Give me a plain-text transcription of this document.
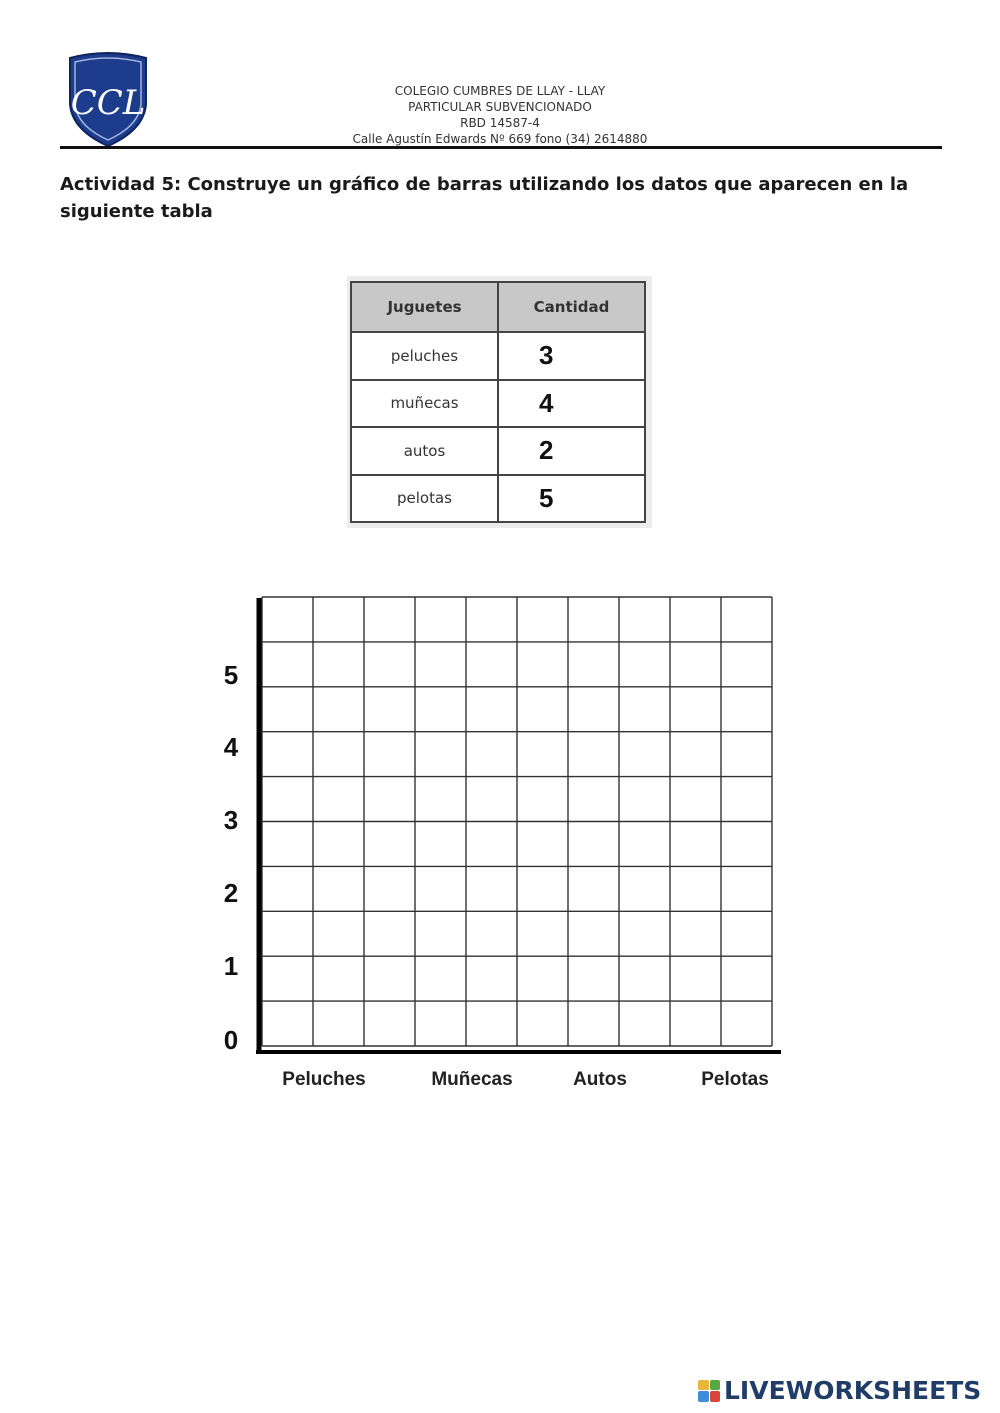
CCL	COLEGIO CUMBRES DE LLAY - LLAY
PARTICULAR SUBVENCIONADO
RBD 14587-4
Calle Agustín Edwards Nº 669 fono (34) 2614880
Actividad 5: Construye un gráfico de barras utilizando los datos que aparecen en la siguiente tabla
Juguetes	Cantidad
peluches	3
muñecas	4
autos	2
pelotas	5
0
1
2
3
4
5
Peluches	Muñecas	Autos	Pelotas
LIVEWORKSHEETS
